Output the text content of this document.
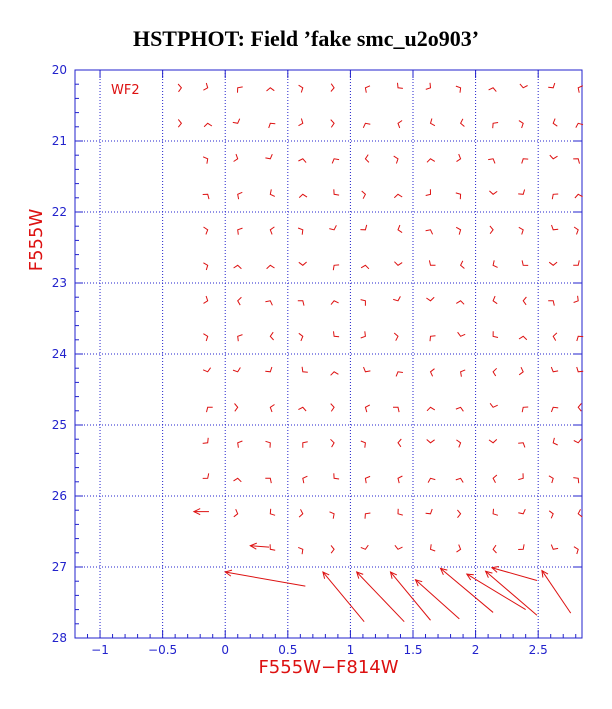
HSTPHOT: Field ’fake smc_u2o903’
−1	−0.5	0	0.5	1	1.5	2	2.5
20
21
22
23
24
25
26
27
28
F555W−F814W
F555W
WF2
